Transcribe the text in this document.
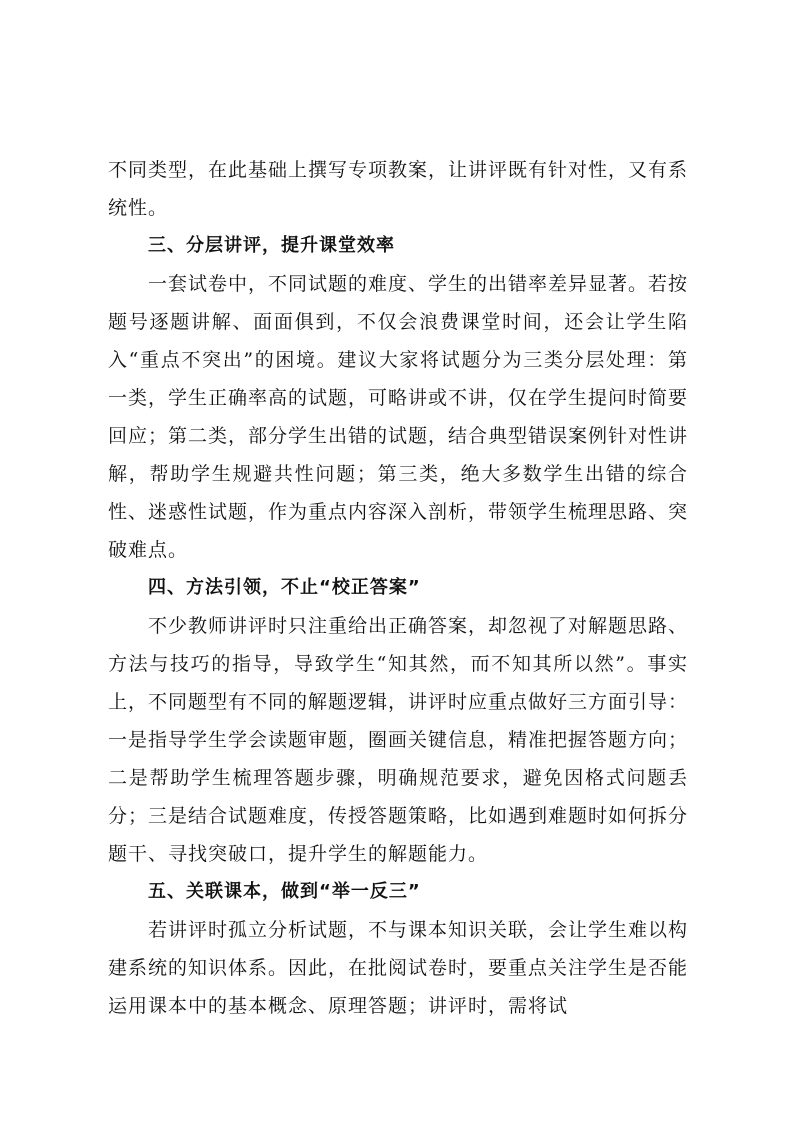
不同类型，在此基础上撰写专项教案，让讲评既有针对性，又有系统性。

三、分层讲评，提升课堂效率

一套试卷中，不同试题的难度、学生的出错率差异显著。若按题号逐题讲解、面面俱到，不仅会浪费课堂时间，还会让学生陷入“重点不突出”的困境。建议大家将试题分为三类分层处理：第一类，学生正确率高的试题，可略讲或不讲，仅在学生提问时简要回应；第二类，部分学生出错的试题，结合典型错误案例针对性讲解，帮助学生规避共性问题；第三类，绝大多数学生出错的综合性、迷惑性试题，作为重点内容深入剖析，带领学生梳理思路、突破难点。

四、方法引领，不止“校正答案”

不少教师讲评时只注重给出正确答案，却忽视了对解题思路、方法与技巧的指导，导致学生“知其然，而不知其所以然”。事实上，不同题型有不同的解题逻辑，讲评时应重点做好三方面引导：一是指导学生学会读题审题，圈画关键信息，精准把握答题方向；二是帮助学生梳理答题步骤，明确规范要求，避免因格式问题丢分；三是结合试题难度，传授答题策略，比如遇到难题时如何拆分题干、寻找突破口，提升学生的解题能力。

五、关联课本，做到“举一反三”

若讲评时孤立分析试题，不与课本知识关联，会让学生难以构建系统的知识体系。因此，在批阅试卷时，要重点关注学生是否能运用课本中的基本概念、原理答题；讲评时，需将试
